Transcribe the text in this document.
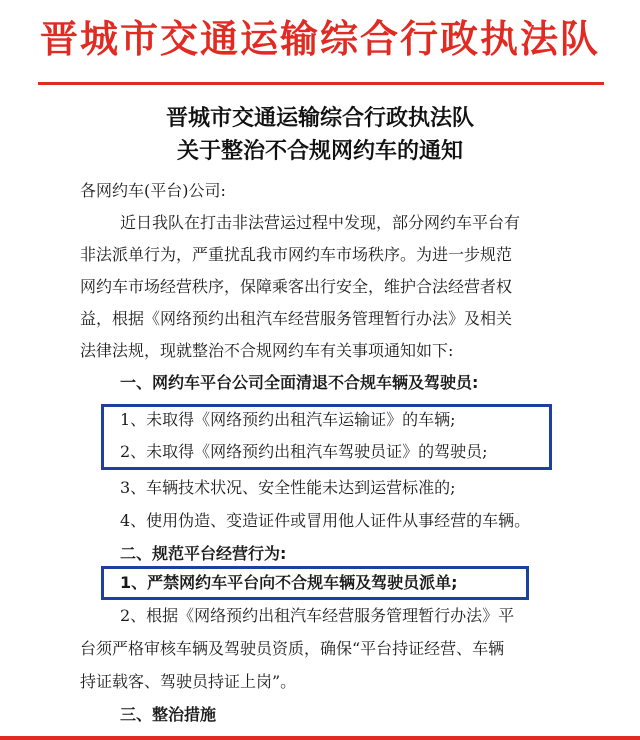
晋城市交通运输综合行政执法队
晋城市交通运输综合行政执法队
关于整治不合规网约车的通知
各网约车(平台)公司:
近日我队在打击非法营运过程中发现，部分网约车平台有
非法派单行为，严重扰乱我市网约车市场秩序。为进一步规范
网约车市场经营秩序，保障乘客出行安全，维护合法经营者权
益，根据《网络预约出租汽车经营服务管理暂行办法》及相关
法律法规，现就整治不合规网约车有关事项通知如下:
一、网约车平台公司全面清退不合规车辆及驾驶员:
1、未取得《网络预约出租汽车运输证》的车辆;
2、未取得《网络预约出租汽车驾驶员证》的驾驶员;
3、车辆技术状况、安全性能未达到运营标准的;
4、使用伪造、变造证件或冒用他人证件从事经营的车辆。
二、规范平台经营行为:
1、严禁网约车平台向不合规车辆及驾驶员派单;
2、根据《网络预约出租汽车经营服务管理暂行办法》平
台须严格审核车辆及驾驶员资质，确保“平台持证经营、车辆
持证载客、驾驶员持证上岗”。
三、整治措施
